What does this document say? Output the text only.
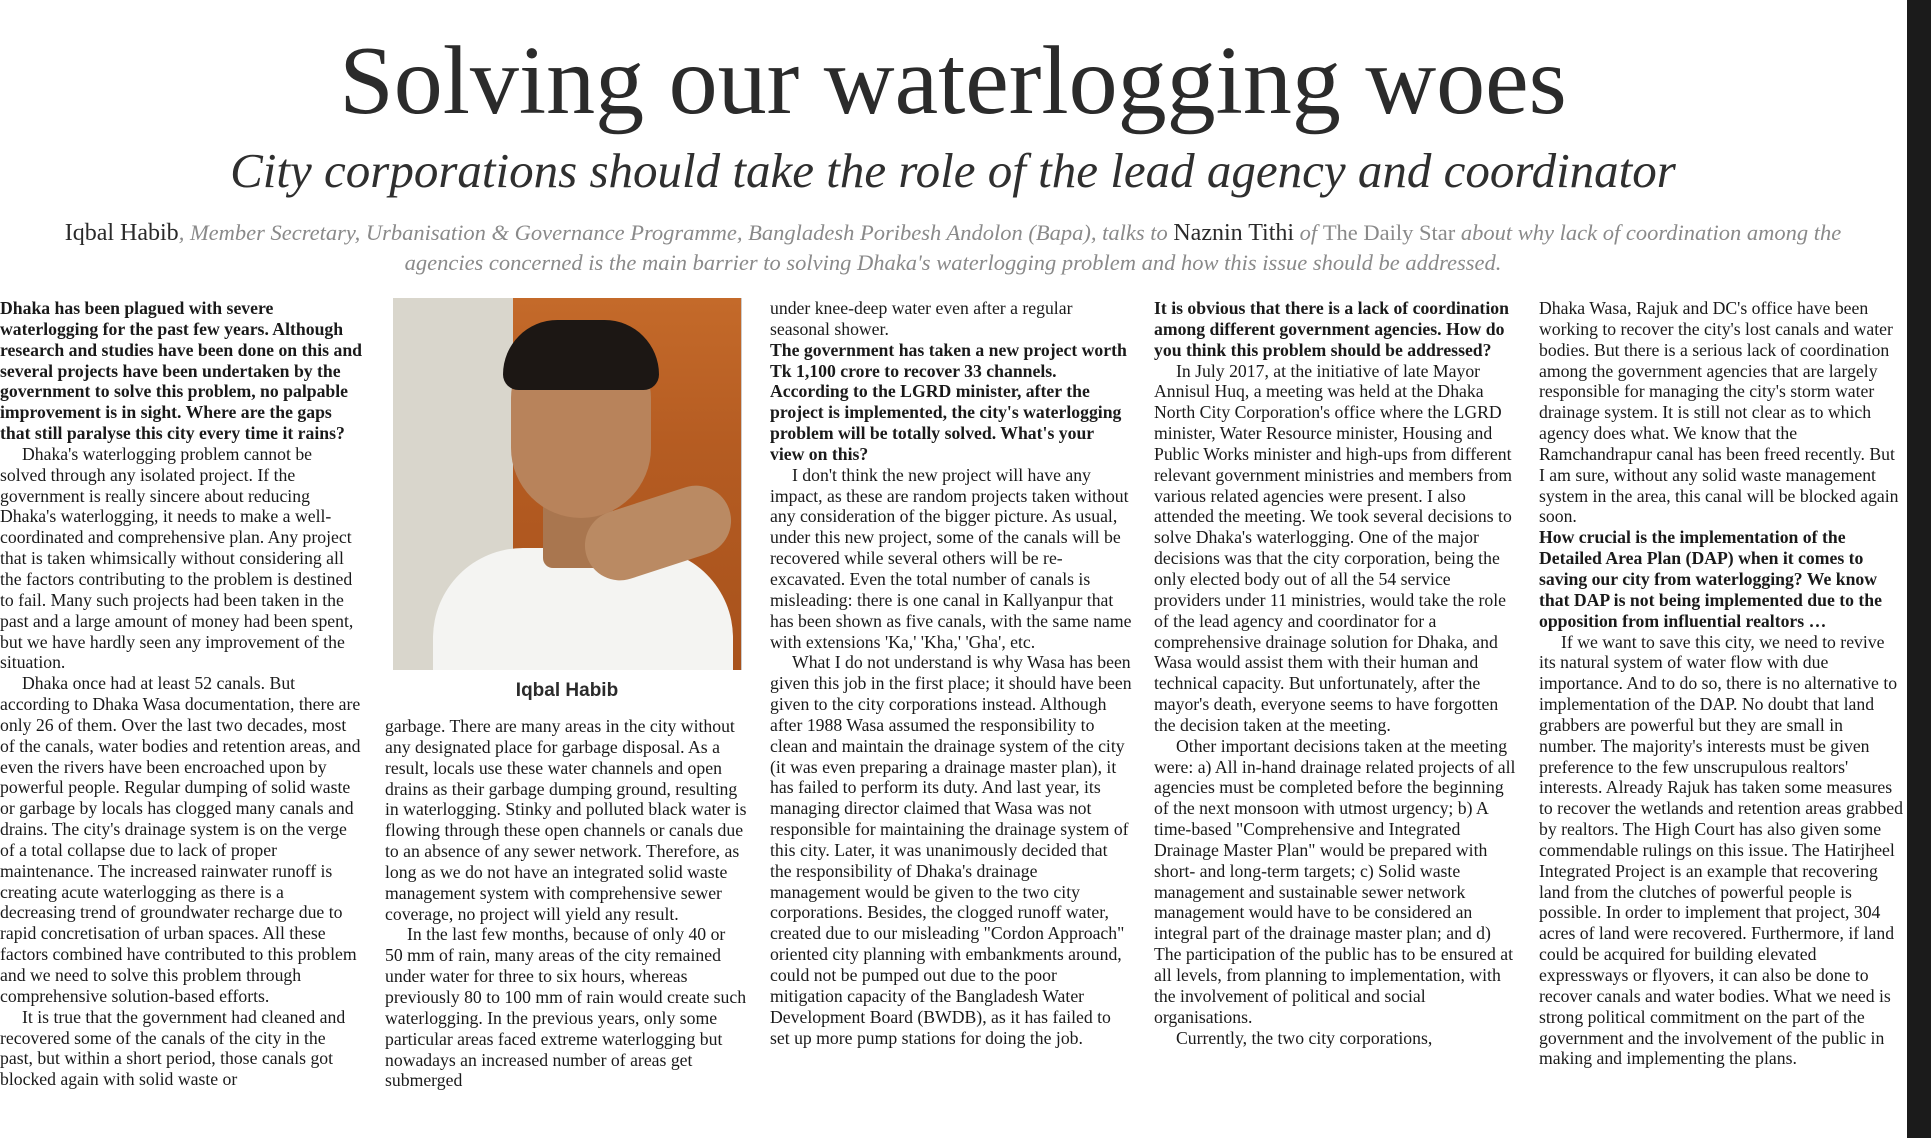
Solving our waterlogging woes
City corporations should take the role of the lead agency and coordinator
Iqbal Habib, Member Secretary, Urbanisation & Governance Programme, Bangladesh Poribesh Andolon (Bapa), talks to Naznin Tithi of The Daily Star about why lack of coordination among the agencies concerned is the main barrier to solving Dhaka's waterlogging problem and how this issue should be addressed.

Dhaka has been plagued with severe waterlogging for the past few years. Although research and studies have been done on this and several projects have been undertaken by the government to solve this problem, no palpable improvement is in sight. Where are the gaps that still paralyse this city every time it rains?

Dhaka's waterlogging problem cannot be solved through any isolated project. If the government is really sincere about reducing Dhaka's waterlogging, it needs to make a well-coordinated and comprehensive plan. Any project that is taken whimsically without considering all the factors contributing to the problem is destined to fail. Many such projects had been taken in the past and a large amount of money had been spent, but we have hardly seen any improvement of the situation.

Dhaka once had at least 52 canals. But according to Dhaka Wasa documentation, there are only 26 of them. Over the last two decades, most of the canals, water bodies and retention areas, and even the rivers have been encroached upon by powerful people. Regular dumping of solid waste or garbage by locals has clogged many canals and drains. The city's drainage system is on the verge of a total collapse due to lack of proper maintenance. The increased rainwater runoff is creating acute waterlogging as there is a decreasing trend of groundwater recharge due to rapid concretisation of urban spaces. All these factors combined have contributed to this problem and we need to solve this problem through comprehensive solution-based efforts.

It is true that the government had cleaned and recovered some of the canals of the city in the past, but within a short period, those canals got blocked again with solid waste or

Iqbal Habib

garbage. There are many areas in the city without any designated place for garbage disposal. As a result, locals use these water channels and open drains as their garbage dumping ground, resulting in waterlogging. Stinky and polluted black water is flowing through these open channels or canals due to an absence of any sewer network. Therefore, as long as we do not have an integrated solid waste management system with comprehensive sewer coverage, no project will yield any result.

In the last few months, because of only 40 or 50 mm of rain, many areas of the city remained under water for three to six hours, whereas previously 80 to 100 mm of rain would create such waterlogging. In the previous years, only some particular areas faced extreme waterlogging but nowadays an increased number of areas get submerged

under knee-deep water even after a regular seasonal shower.

The government has taken a new project worth Tk 1,100 crore to recover 33 channels. According to the LGRD minister, after the project is implemented, the city's waterlogging problem will be totally solved. What's your view on this?

I don't think the new project will have any impact, as these are random projects taken without any consideration of the bigger picture. As usual, under this new project, some of the canals will be recovered while several others will be re-excavated. Even the total number of canals is misleading: there is one canal in Kallyanpur that has been shown as five canals, with the same name with extensions 'Ka,' 'Kha,' 'Gha', etc.

What I do not understand is why Wasa has been given this job in the first place; it should have been given to the city corporations instead. Although after 1988 Wasa assumed the responsibility to clean and maintain the drainage system of the city (it was even preparing a drainage master plan), it has failed to perform its duty. And last year, its managing director claimed that Wasa was not responsible for maintaining the drainage system of this city. Later, it was unanimously decided that the responsibility of Dhaka's drainage management would be given to the two city corporations. Besides, the clogged runoff water, created due to our misleading "Cordon Approach" oriented city planning with embankments around, could not be pumped out due to the poor mitigation capacity of the Bangladesh Water Development Board (BWDB), as it has failed to set up more pump stations for doing the job.

It is obvious that there is a lack of coordination among different government agencies. How do you think this problem should be addressed?

In July 2017, at the initiative of late Mayor Annisul Huq, a meeting was held at the Dhaka North City Corporation's office where the LGRD minister, Water Resource minister, Housing and Public Works minister and high-ups from different relevant government ministries and members from various related agencies were present. I also attended the meeting. We took several decisions to solve Dhaka's waterlogging. One of the major decisions was that the city corporation, being the only elected body out of all the 54 service providers under 11 ministries, would take the role of the lead agency and coordinator for a comprehensive drainage solution for Dhaka, and Wasa would assist them with their human and technical capacity. But unfortunately, after the mayor's death, everyone seems to have forgotten the decision taken at the meeting.

Other important decisions taken at the meeting were: a) All in-hand drainage related projects of all agencies must be completed before the beginning of the next monsoon with utmost urgency; b) A time-based "Comprehensive and Integrated Drainage Master Plan" would be prepared with short- and long-term targets; c) Solid waste management and sustainable sewer network management would have to be considered an integral part of the drainage master plan; and d) The participation of the public has to be ensured at all levels, from planning to implementation, with the involvement of political and social organisations.

Currently, the two city corporations,

Dhaka Wasa, Rajuk and DC's office have been working to recover the city's lost canals and water bodies. But there is a serious lack of coordination among the government agencies that are largely responsible for managing the city's storm water drainage system. It is still not clear as to which agency does what. We know that the Ramchandrapur canal has been freed recently. But I am sure, without any solid waste management system in the area, this canal will be blocked again soon.

How crucial is the implementation of the Detailed Area Plan (DAP) when it comes to saving our city from waterlogging? We know that DAP is not being implemented due to the opposition from influential realtors …

If we want to save this city, we need to revive its natural system of water flow with due importance. And to do so, there is no alternative to implementation of the DAP. No doubt that land grabbers are powerful but they are small in number. The majority's interests must be given preference to the few unscrupulous realtors' interests. Already Rajuk has taken some measures to recover the wetlands and retention areas grabbed by realtors. The High Court has also given some commendable rulings on this issue. The Hatirjheel Integrated Project is an example that recovering land from the clutches of powerful people is possible. In order to implement that project, 304 acres of land were recovered. Furthermore, if land could be acquired for building elevated expressways or flyovers, it can also be done to recover canals and water bodies. What we need is strong political commitment on the part of the government and the involvement of the public in making and implementing the plans.
